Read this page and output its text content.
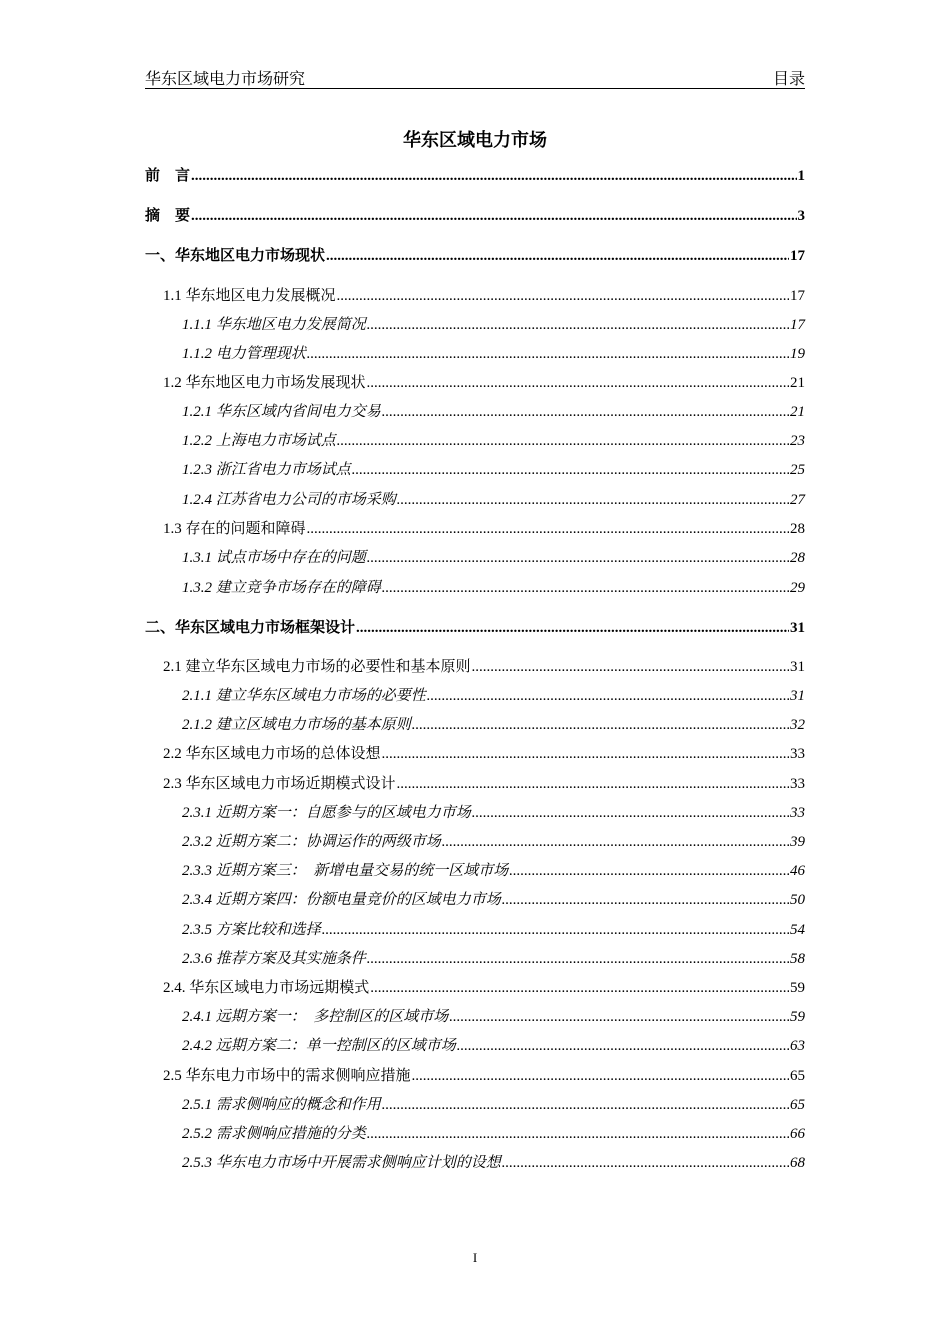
华东区域电力市场研究	目录
华东区域电力市场
前　言 .....	1
摘　要 .....	3
一、华东地区电力市场现状 .....	17
1.1 华东地区电力发展概况 .....	17
1.1.1 华东地区电力发展简况 .....	17
1.1.2 电力管理现状 .....	19
1.2 华东地区电力市场发展现状 .....	21
1.2.1 华东区域内省间电力交易 .....	21
1.2.2 上海电力市场试点 .....	23
1.2.3 浙江省电力市场试点 .....	25
1.2.4 江苏省电力公司的市场采购 .....	27
1.3 存在的问题和障碍 .....	28
1.3.1 试点市场中存在的问题 .....	28
1.3.2 建立竞争市场存在的障碍 .....	29
二、华东区域电力市场框架设计 .....	31
2.1 建立华东区域电力市场的必要性和基本原则 .....	31
2.1.1 建立华东区域电力市场的必要性 .....	31
2.1.2 建立区域电力市场的基本原则 .....	32
2.2 华东区域电力市场的总体设想 .....	33
2.3 华东区域电力市场近期模式设计 .....	33
2.3.1 近期方案一：自愿参与的区域电力市场 .....	33
2.3.2 近期方案二：协调运作的两级市场 .....	39
2.3.3 近期方案三：　新增电量交易的统一区域市场 .....	46
2.3.4 近期方案四：份额电量竞价的区域电力市场 .....	50
2.3.5 方案比较和选择 .....	54
2.3.6 推荐方案及其实施条件 .....	58
2.4. 华东区域电力市场远期模式 .....	59
2.4.1 远期方案一：　多控制区的区域市场 .....	59
2.4.2 远期方案二：单一控制区的区域市场 .....	63
2.5 华东电力市场中的需求侧响应措施 .....	65
2.5.1 需求侧响应的概念和作用 .....	65
2.5.2 需求侧响应措施的分类 .....	66
2.5.3 华东电力市场中开展需求侧响应计划的设想 .....	68
I
